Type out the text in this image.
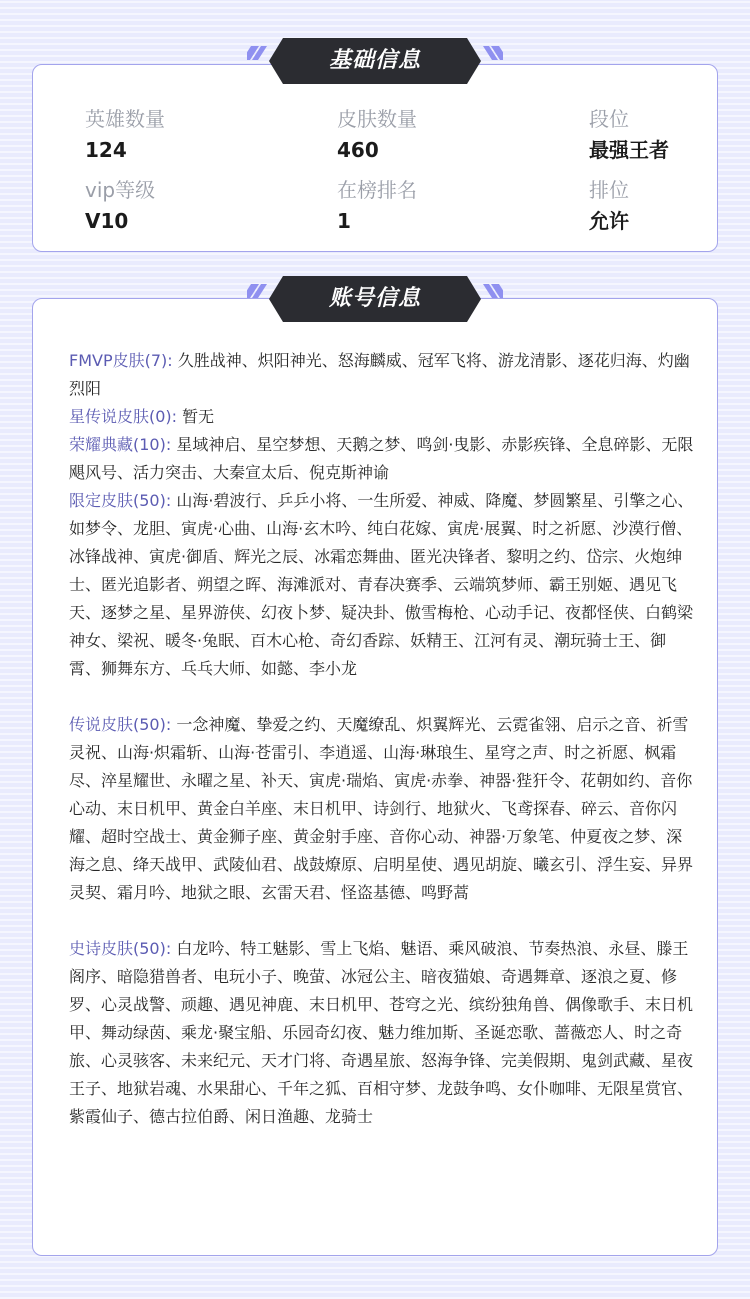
英雄数量
124
皮肤数量
460
段位
最强王者
vip等级
V10
在榜排名
1
排位
允许
基础信息
FMVP皮肤(7): 久胜战神、炽阳神光、怒海麟威、冠军飞将、游龙清影、逐花归海、灼幽烈阳
星传说皮肤(0): 暂无
荣耀典藏(10): 星域神启、星空梦想、天鹅之梦、鸣剑·曳影、赤影疾锋、全息碎影、无限飓风号、活力突击、大秦宣太后、倪克斯神谕
限定皮肤(50): 山海·碧波行、乒乒小将、一生所爱、神威、降魔、梦圆繁星、引擎之心、如梦令、龙胆、寅虎·心曲、山海·玄木吟、纯白花嫁、寅虎·展翼、时之祈愿、沙漠行僧、冰锋战神、寅虎·御盾、辉光之辰、冰霜恋舞曲、匿光决锋者、黎明之约、岱宗、火炮绅士、匿光追影者、朔望之晖、海滩派对、青春决赛季、云端筑梦师、霸王别姬、遇见飞天、逐梦之星、星界游侠、幻夜卜梦、疑决卦、傲雪梅枪、心动手记、夜都怪侠、白鹤梁神女、梁祝、暖冬·兔眠、百木心枪、奇幻香踪、妖精王、江河有灵、潮玩骑士王、御霄、狮舞东方、乓乓大师、如懿、李小龙
传说皮肤(50): 一念神魔、挚爱之约、天魔缭乱、炽翼辉光、云霓雀翎、启示之音、祈雪灵祝、山海·炽霜斩、山海·苍雷引、李逍遥、山海·琳琅生、星穹之声、时之祈愿、枫霜尽、淬星耀世、永曜之星、补天、寅虎·瑞焰、寅虎·赤拳、神器·狴犴令、花朝如约、音你心动、末日机甲、黄金白羊座、末日机甲、诗剑行、地狱火、飞鸢探春、碎云、音你闪耀、超时空战士、黄金狮子座、黄金射手座、音你心动、神器·万象笔、仲夏夜之梦、深海之息、绛天战甲、武陵仙君、战鼓燎原、启明星使、遇见胡旋、曦玄引、浮生妄、异界灵契、霜月吟、地狱之眼、玄雷天君、怪盗基德、鸣野蒿
史诗皮肤(50): 白龙吟、特工魅影、雪上飞焰、魅语、乘风破浪、节奏热浪、永昼、滕王阁序、暗隐猎兽者、电玩小子、晚萤、冰冠公主、暗夜猫娘、奇遇舞章、逐浪之夏、修罗、心灵战警、顽趣、遇见神鹿、末日机甲、苍穹之光、缤纷独角兽、偶像歌手、末日机甲、舞动绿茵、乘龙·聚宝船、乐园奇幻夜、魅力维加斯、圣诞恋歌、蔷薇恋人、时之奇旅、心灵骇客、未来纪元、天才门将、奇遇星旅、怒海争锋、完美假期、鬼剑武藏、星夜王子、地狱岩魂、水果甜心、千年之狐、百相守梦、龙鼓争鸣、女仆咖啡、无限星赏官、紫霞仙子、德古拉伯爵、闲日渔趣、龙骑士
账号信息
